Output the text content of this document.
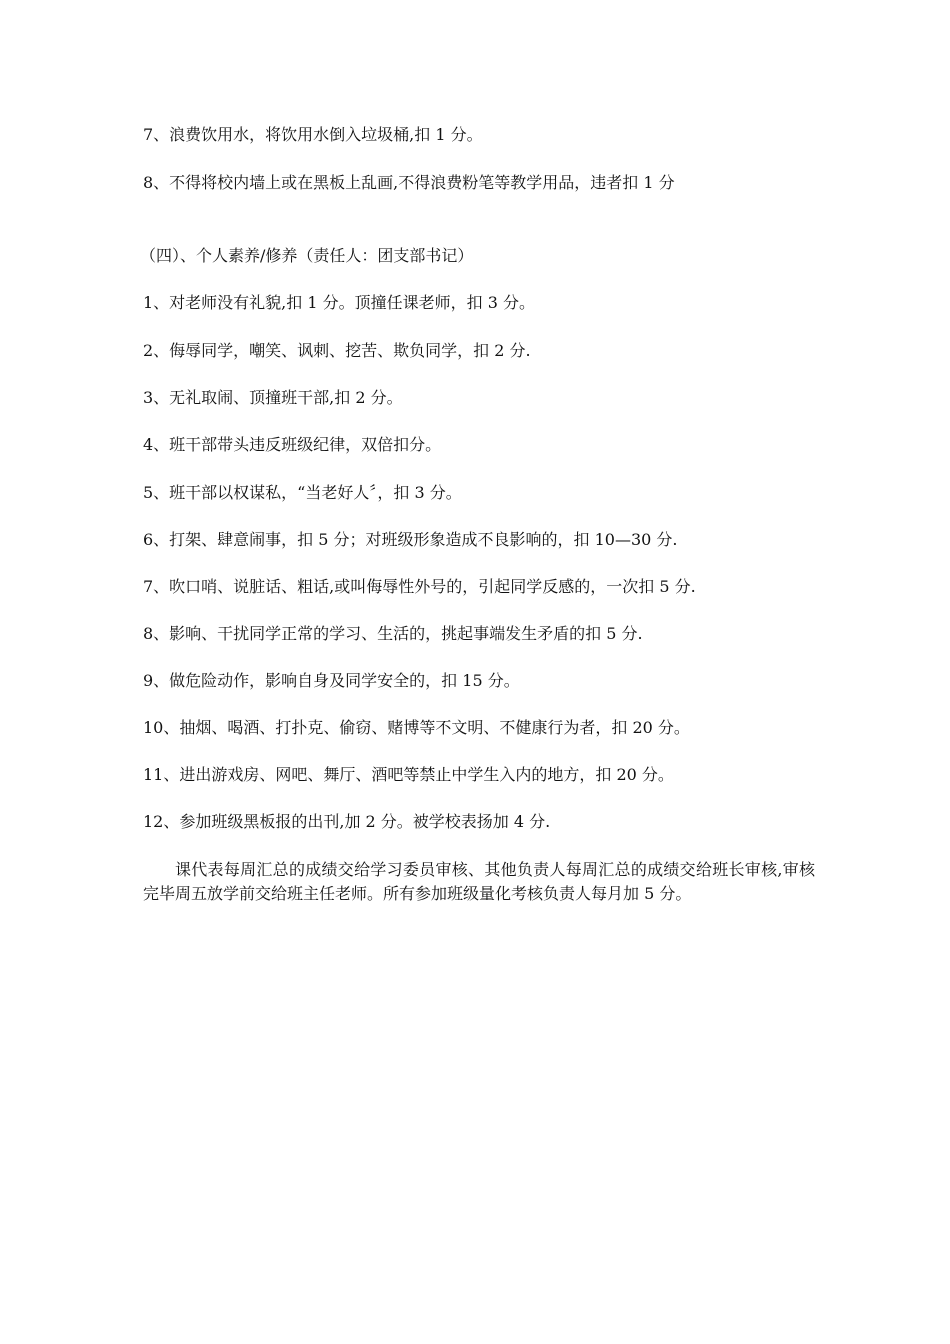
7、浪费饮用水，将饮用水倒入垃圾桶,扣 1 分。
8、不得将校内墙上或在黑板上乱画,不得浪费粉笔等教学用品，违者扣 1 分
（四）、个人素养/修养（责任人：团支部书记）
1、对老师没有礼貌,扣 1 分。顶撞任课老师，扣 3 分。
2、侮辱同学，嘲笑、讽刺、挖苦、欺负同学，扣 2 分.
3、无礼取闹、顶撞班干部,扣 2 分。
4、班干部带头违反班级纪律，双倍扣分。
5、班干部以权谋私，“当老好人〞，扣 3 分。
6、打架、肆意闹事，扣 5 分；对班级形象造成不良影响的，扣 10—30 分.
7、吹口哨、说脏话、粗话,或叫侮辱性外号的，引起同学反感的，一次扣 5 分.
8、影响、干扰同学正常的学习、生活的，挑起事端发生矛盾的扣 5 分.
9、做危险动作，影响自身及同学安全的，扣 15 分。
10、抽烟、喝酒、打扑克、偷窃、赌博等不文明、不健康行为者，扣 20 分。
11、进出游戏房、网吧、舞厅、酒吧等禁止中学生入内的地方，扣 20 分。
12、参加班级黑板报的出刊,加 2 分。被学校表扬加 4 分.
课代表每周汇总的成绩交给学习委员审核、其他负责人每周汇总的成绩交给班长审核,审核完毕周五放学前交给班主任老师。所有参加班级量化考核负责人每月加 5 分。
